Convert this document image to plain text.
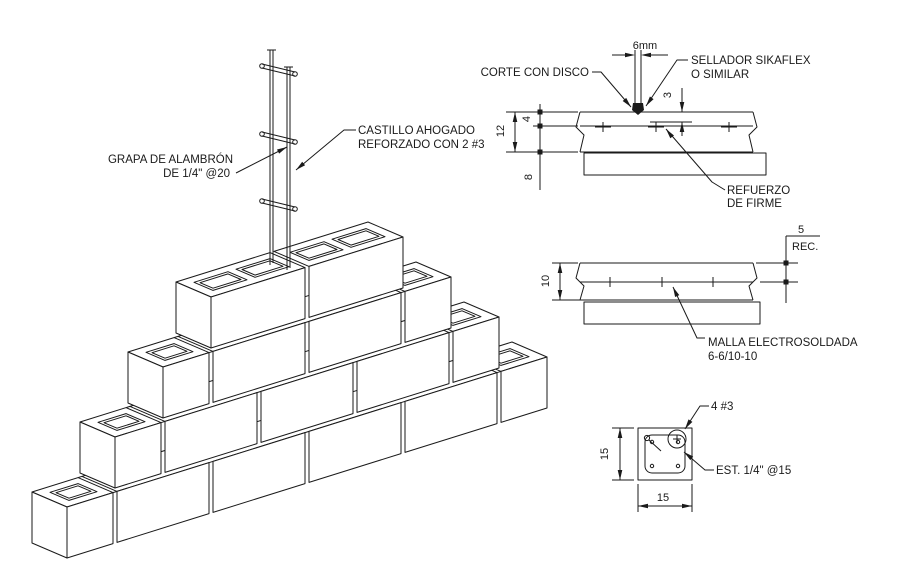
GRAPA DE ALAMBRÓN
DE 1/4" @20
CASTILLO AHOGADO
REFORZADO CON 2 #3
CORTE CON DISCO
6mm
SELLADOR SIKAFLEX
O SIMILAR
12
4
8
3
REFUERZO
DE FIRME
10
5
REC.
MALLA ELECTROSOLDADA
6-6/10-10
4 #3
EST. 1/4" @15
15
15
